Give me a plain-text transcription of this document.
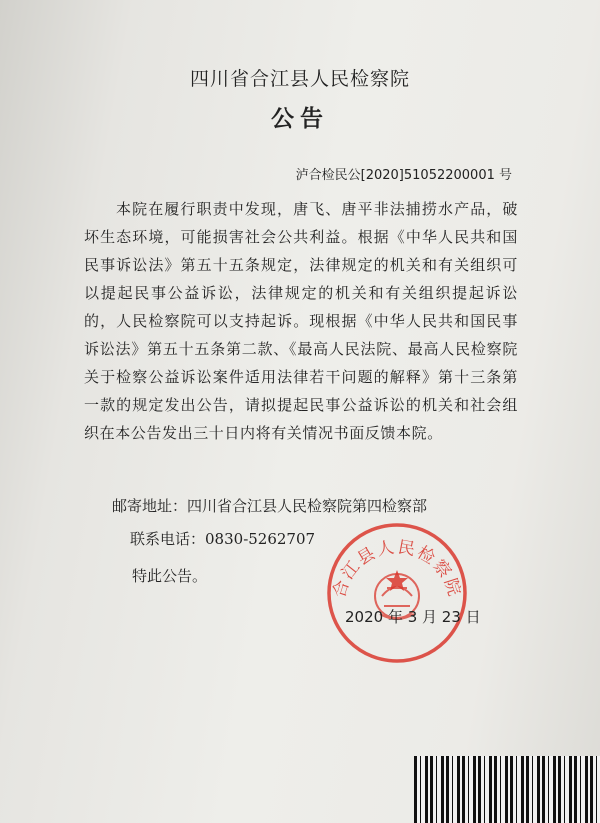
四川省合江县人民检察院
公告
泸合检民公[2020]51052200001 号
本院在履行职责中发现，唐飞、唐平非法捕捞水产品，破坏生态环境，可能损害社会公共利益。根据《中华人民共和国民事诉讼法》第五十五条规定，法律规定的机关和有关组织可以提起民事公益诉讼，法律规定的机关和有关组织提起诉讼的，人民检察院可以支持起诉。现根据《中华人民共和国民事诉讼法》第五十五条第二款、《最高人民法院、最高人民检察院关于检察公益诉讼案件适用法律若干问题的解释》第十三条第一款的规定发出公告，请拟提起民事公益诉讼的机关和社会组织在本公告发出三十日内将有关情况书面反馈本院。
邮寄地址：四川省合江县人民检察院第四检察部
联系电话：0830-5262707
特此公告。
合江县人民检察院
2020 年 3 月 23 日
